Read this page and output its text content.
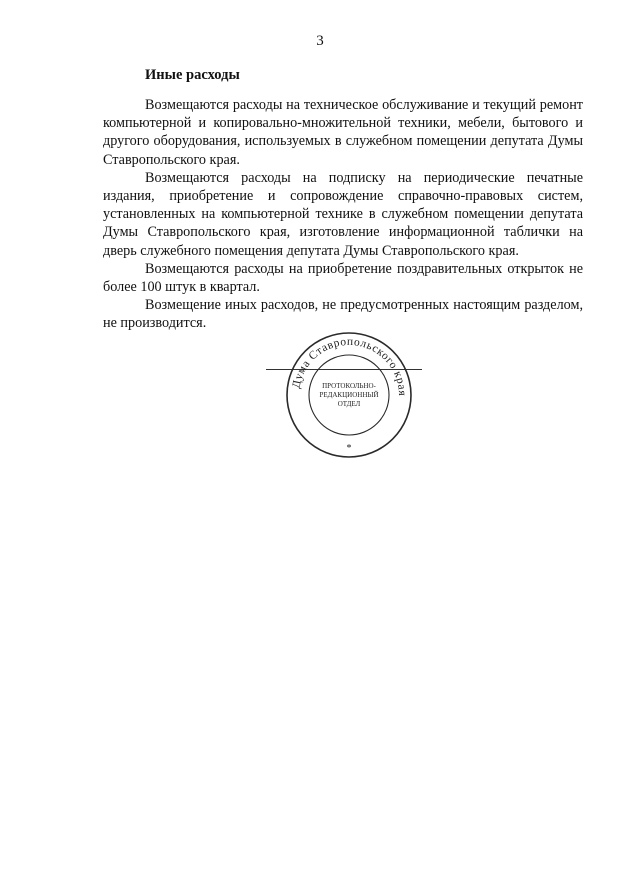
3
Иные расходы

Возмещаются расходы на техническое обслуживание и текущий ремонт компьютерной и копировально-множительной техники, мебели, бытового и другого оборудования, используемых в служебном помещении депутата Думы Ставропольского края.

Возмещаются расходы на подписку на периодические печатные издания, приобретение и сопровождение справочно-правовых систем, установленных на компьютерной технике в служебном помещении депутата Думы Ставропольского края, изготовление информационной таблички на дверь служебного помещения депутата Думы Ставропольского края.

Возмещаются расходы на приобретение поздравительных открыток не более 100 штук в квартал.

Возмещение иных расходов, не предусмотренных настоящим разделом, не производится.

Дума Ставропольского края
ПРОТОКОЛЬНО-
РЕДАКЦИОННЫЙ
ОТДЕЛ
*
